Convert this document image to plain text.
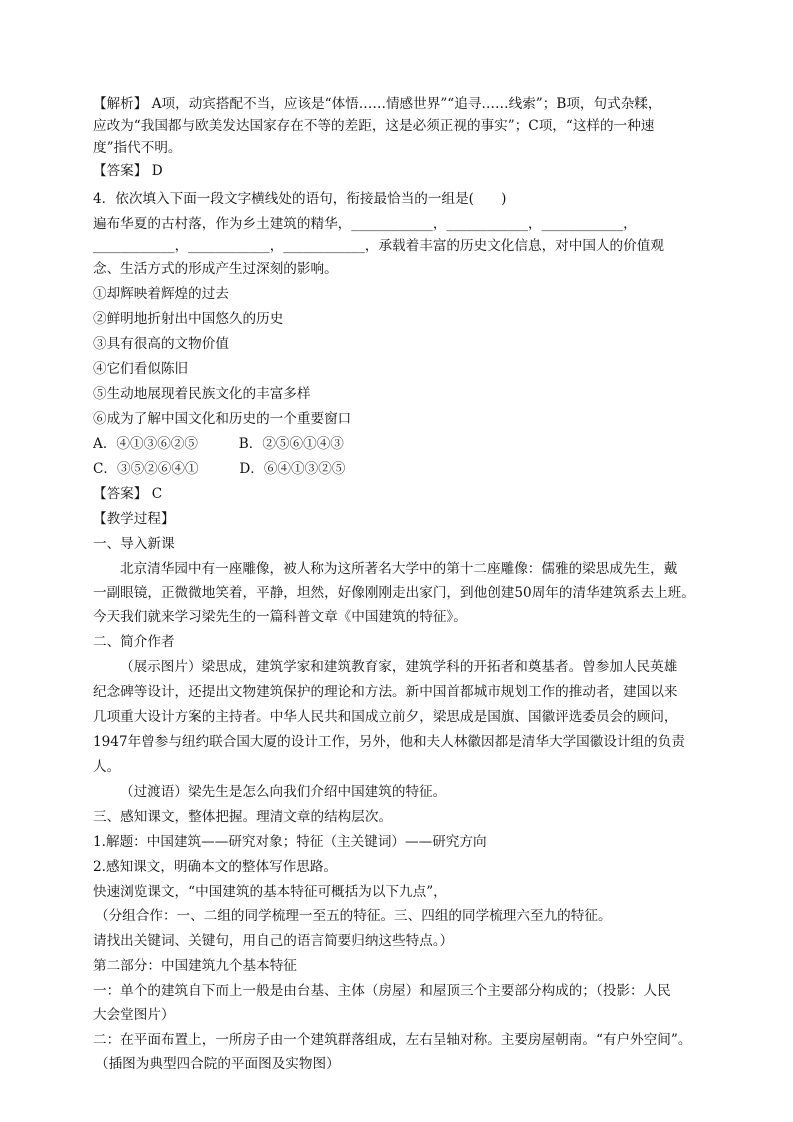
【解析】 A项，动宾搭配不当，应该是“体悟……情感世界”“追寻……线索”；B项，句式杂糅，
应改为“我国都与欧美发达国家存在不等的差距，这是必须正视的事实”；C项，“这样的一种速
度”指代不明。
【答案】 D
4．依次填入下面一段文字横线处的语句，衔接最恰当的一组是(　　)
遍布华夏的古村落，作为乡土建筑的精华，____________，____________，____________，
____________，____________，____________，承载着丰富的历史文化信息，对中国人的价值观
念、生活方式的形成产生过深刻的影响。
①却辉映着辉煌的过去
②鲜明地折射出中国悠久的历史
③具有很高的文物价值
④它们看似陈旧
⑤生动地展现着民族文化的丰富多样
⑥成为了解中国文化和历史的一个重要窗口
A．④①③⑥②⑤　　　B．②⑤⑥①④③
C．③⑤②⑥④①　　　D．⑥④①③②⑤
【答案】 C
【教学过程】
一、导入新课
北京清华园中有一座雕像，被人称为这所著名大学中的第十二座雕像：儒雅的梁思成先生，戴
一副眼镜，正微微地笑着，平静，坦然，好像刚刚走出家门，到他创建50周年的清华建筑系去上班。
今天我们就来学习梁先生的一篇科普文章《中国建筑的特征》。
二、简介作者
（展示图片）梁思成，建筑学家和建筑教育家，建筑学科的开拓者和奠基者。曾参加人民英雄
纪念碑等设计，还提出文物建筑保护的理论和方法。新中国首都城市规划工作的推动者，建国以来
几项重大设计方案的主持者。中华人民共和国成立前夕，梁思成是国旗、国徽评选委员会的顾问，
1947年曾参与纽约联合国大厦的设计工作，另外，他和夫人林徽因都是清华大学国徽设计组的负责
人。
（过渡语）梁先生是怎么向我们介绍中国建筑的特征。
三、感知课文，整体把握。理清文章的结构层次。
1.解题：中国建筑——研究对象；特征（主关键词）——研究方向
2.感知课文，明确本文的整体写作思路。
快速浏览课文，“中国建筑的基本特征可概括为以下九点”，
（分组合作：一、二组的同学梳理一至五的特征。三、四组的同学梳理六至九的特征。
请找出关键词、关键句，用自己的语言简要归纳这些特点。）
第二部分：中国建筑九个基本特征
一：单个的建筑自下而上一般是由台基、主体（房屋）和屋顶三个主要部分构成的；（投影：人民
大会堂图片）
二：在平面布置上，一所房子由一个建筑群落组成，左右呈轴对称。主要房屋朝南。“有户外空间”。
（插图为典型四合院的平面图及实物图）
